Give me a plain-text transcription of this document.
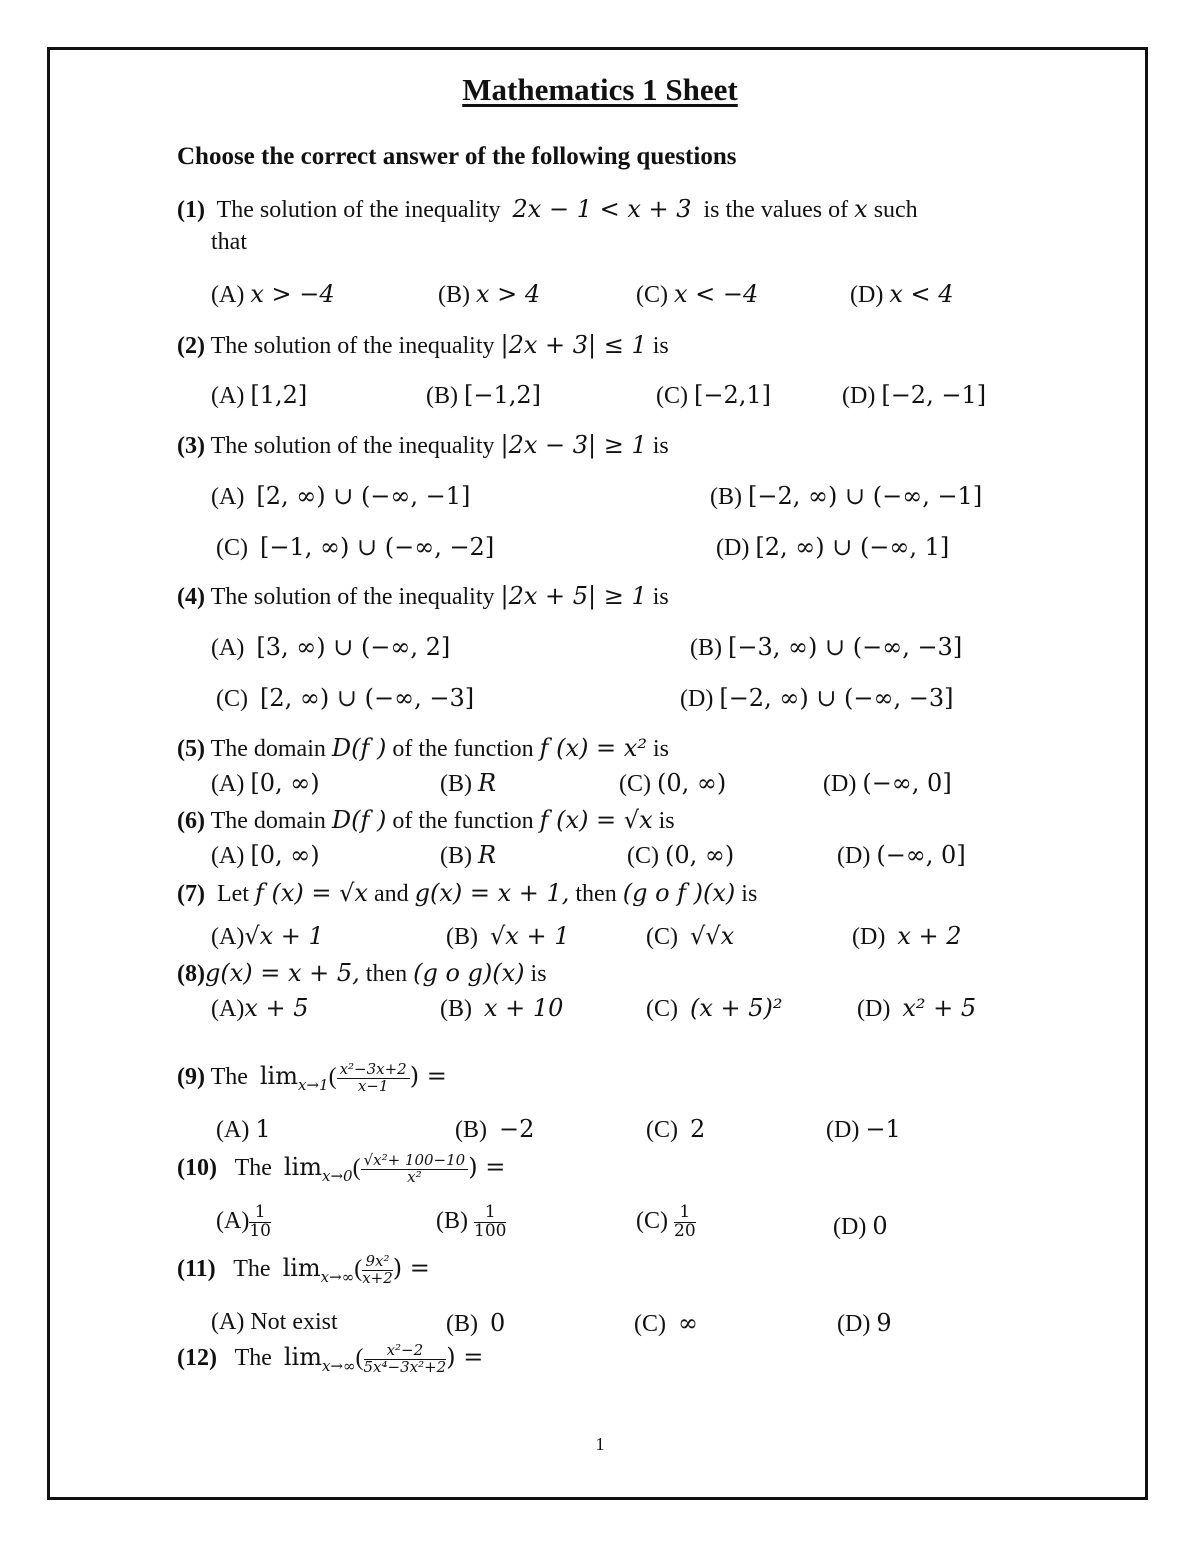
Mathematics 1 Sheet
Choose the correct answer of the following questions
(1) The solution of the inequality 2x − 1 < x + 3 is the values of x such
that
(A) x > −4	(B) x > 4	(C) x < −4	(D) x < 4
(2) The solution of the inequality |2x + 3| ≤ 1 is
(A) [1,2]	(B) [−1,2]	(C) [−2,1]	(D) [−2, −1]
(3) The solution of the inequality |2x − 3| ≥ 1 is
(A) [2, ∞) ∪ (−∞, −1]	(B) [−2, ∞) ∪ (−∞, −1]
(C) [−1, ∞) ∪ (−∞, −2]	(D) [2, ∞) ∪ (−∞, 1]
(4) The solution of the inequality |2x + 5| ≥ 1 is
(A) [3, ∞) ∪ (−∞, 2]	(B) [−3, ∞) ∪ (−∞, −3]
(C) [2, ∞) ∪ (−∞, −3]	(D) [−2, ∞) ∪ (−∞, −3]
(5) The domain D(f ) of the function f (x) = x² is
(A) [0, ∞)	(B) R	(C) (0, ∞)	(D) (−∞, 0]
(6) The domain D(f ) of the function f (x) = √x is
(A) [0, ∞)	(B) R	(C) (0, ∞)	(D) (−∞, 0]
(7) Let f (x) = √x and g(x) = x + 1, then (g o f )(x) is
(A)√x + 1	(B) √x + 1	(C) √√x	(D) x + 2
(8)g(x) = x + 5, then (g o g)(x) is
(A)x + 5	(B) x + 10	(C) (x + 5)²	(D) x² + 5
(9) The $\lim_{x\to 1}( \frac{\text{x²−3x+2}}{x-1}$ ) =
(A) 1	(B) −2	(C) 2	(D) −1
(10) The $\lim_{x\to 0}( \frac{\text{√x²+ 100−10}}{\text{x²}}$ ) =
$(A) \frac{1}{10}$	$(B) \frac{1}{100}$	$(C) \frac{1}{20}$	(D) 0
(11) The $\lim_{x\to\infty}( \frac{\text{9x²}}{x+2}$ ) =
(A) Not exist	(B) 0	(C) ∞	(D) 9
(12) The $\lim_{x\to\infty}( \frac{\text{x²−2}}{\text{5x⁴−3x²+2}}$ ) =
1
